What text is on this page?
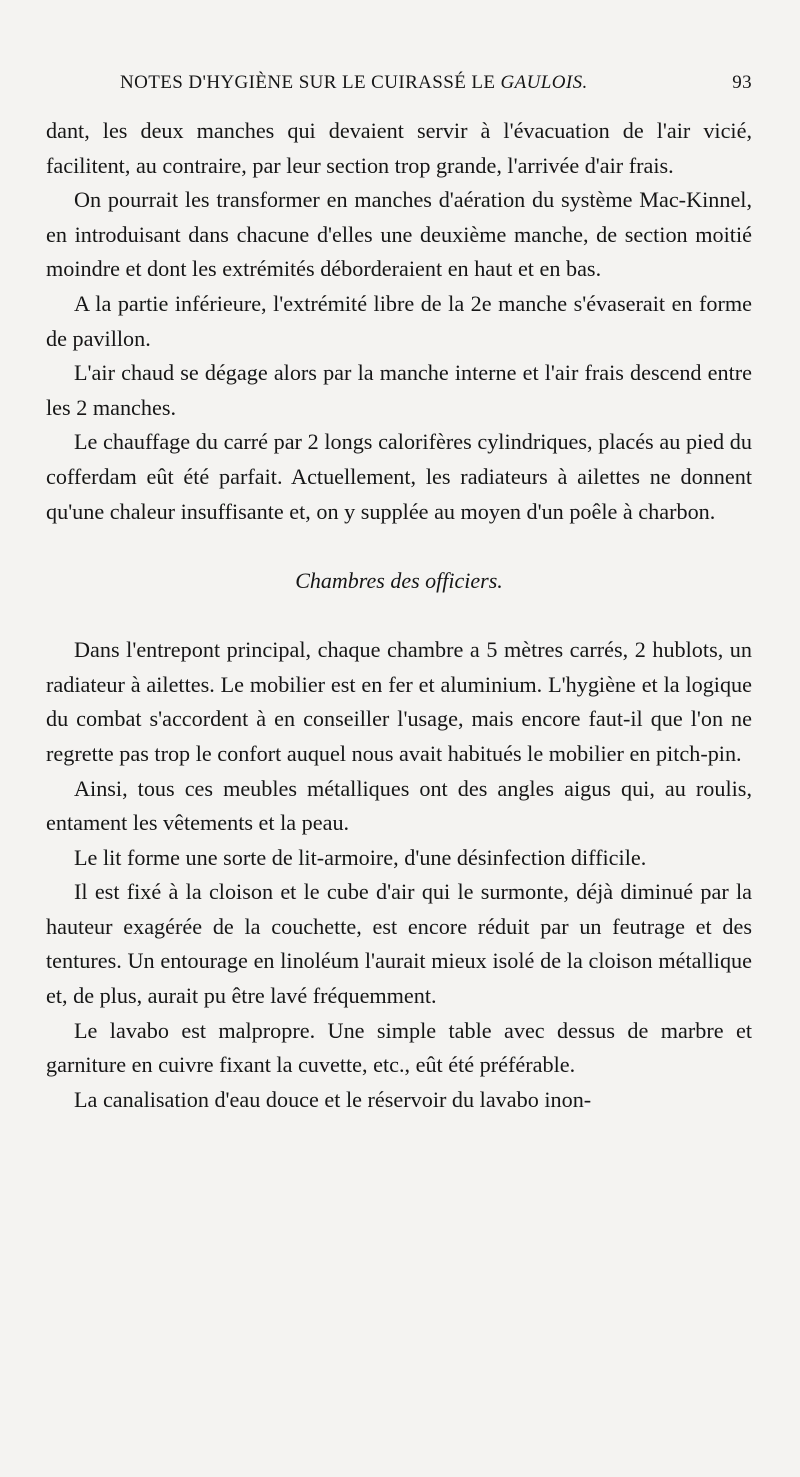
NOTES D'HYGIÈNE SUR LE CUIRASSÉ LE GAULOIS.	93

dant, les deux manches qui devaient servir à l'évacuation de l'air vicié, facilitent, au contraire, par leur section trop grande, l'arrivée d'air frais.

On pourrait les transformer en manches d'aération du système Mac-Kinnel, en introduisant dans chacune d'elles une deuxième manche, de section moitié moindre et dont les extrémités déborderaient en haut et en bas.

A la partie inférieure, l'extrémité libre de la 2e manche s'évaserait en forme de pavillon.

L'air chaud se dégage alors par la manche interne et l'air frais descend entre les 2 manches.

Le chauffage du carré par 2 longs calorifères cylindriques, placés au pied du cofferdam eût été parfait. Actuellement, les radiateurs à ailettes ne donnent qu'une chaleur insuffisante et, on y supplée au moyen d'un poêle à charbon.

Chambres des officiers.

Dans l'entrepont principal, chaque chambre a 5 mètres carrés, 2 hublots, un radiateur à ailettes. Le mobilier est en fer et aluminium. L'hygiène et la logique du combat s'accordent à en conseiller l'usage, mais encore faut-il que l'on ne regrette pas trop le confort auquel nous avait habitués le mobilier en pitch-pin.

Ainsi, tous ces meubles métalliques ont des angles aigus qui, au roulis, entament les vêtements et la peau.

Le lit forme une sorte de lit-armoire, d'une désinfection difficile.

Il est fixé à la cloison et le cube d'air qui le surmonte, déjà diminué par la hauteur exagérée de la couchette, est encore réduit par un feutrage et des tentures. Un entourage en linoléum l'aurait mieux isolé de la cloison métallique et, de plus, aurait pu être lavé fréquemment.

Le lavabo est malpropre. Une simple table avec dessus de marbre et garniture en cuivre fixant la cuvette, etc., eût été préférable.

La canalisation d'eau douce et le réservoir du lavabo inon-
